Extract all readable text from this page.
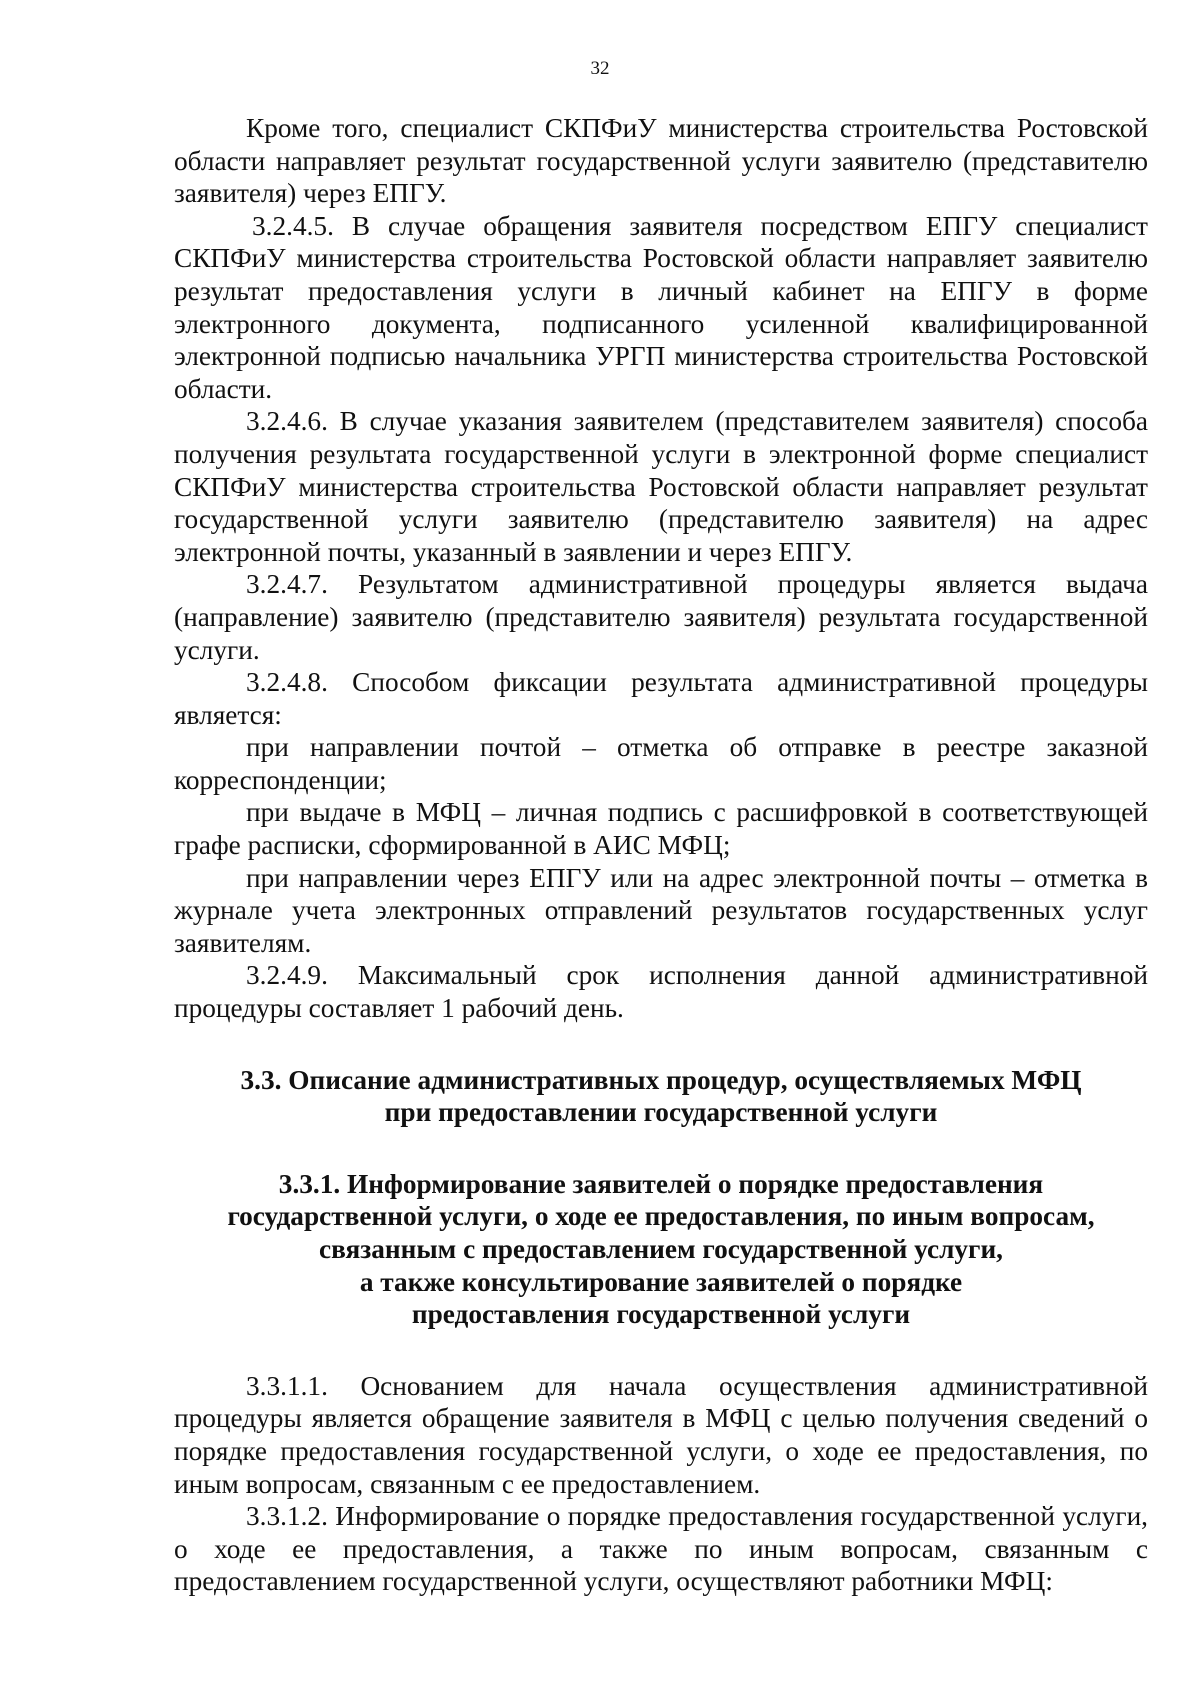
32

Кроме того, специалист СКПФиУ министерства строительства Ростовской области направляет результат государственной услуги заявителю (представителю заявителя) через ЕПГУ.

3.2.4.5. В случае обращения заявителя посредством ЕПГУ специалист СКПФиУ министерства строительства Ростовской области направляет заявителю результат предоставления услуги в личный кабинет на ЕПГУ в форме электронного документа, подписанного усиленной квалифицированной электронной подписью начальника УРГП министерства строительства Ростовской области.

3.2.4.6. В случае указания заявителем (представителем заявителя) способа получения результата государственной услуги в электронной форме специалист СКПФиУ министерства строительства Ростовской области направляет результат государственной услуги заявителю (представителю заявителя) на адрес электронной почты, указанный в заявлении и через ЕПГУ.

3.2.4.7. Результатом административной процедуры является выдача (направление) заявителю (представителю заявителя) результата государственной услуги.

3.2.4.8. Способом фиксации результата административной процедуры является:

при направлении почтой – отметка об отправке в реестре заказной корреспонденции;

при выдаче в МФЦ – личная подпись с расшифровкой в соответствующей графе расписки, сформированной в АИС МФЦ;

при направлении через ЕПГУ или на адрес электронной почты – отметка в журнале учета электронных отправлений результатов государственных услуг заявителям.

3.2.4.9. Максимальный срок исполнения данной административной процедуры составляет 1 рабочий день.

3.3. Описание административных процедур, осуществляемых МФЦ
при предоставлении государственной услуги
3.3.1. Информирование заявителей о порядке предоставления
государственной услуги, о ходе ее предоставления, по иным вопросам,
связанным с предоставлением государственной услуги,
а также консультирование заявителей о порядке
предоставления государственной услуги

3.3.1.1. Основанием для начала осуществления административной процедуры является обращение заявителя в МФЦ с целью получения сведений о порядке предоставления государственной услуги, о ходе ее предоставления, по иным вопросам, связанным с ее предоставлением.

3.3.1.2. Информирование о порядке предоставления государственной услуги, о ходе ее предоставления, а также по иным вопросам, связанным с предоставлением государственной услуги, осуществляют работники МФЦ:
